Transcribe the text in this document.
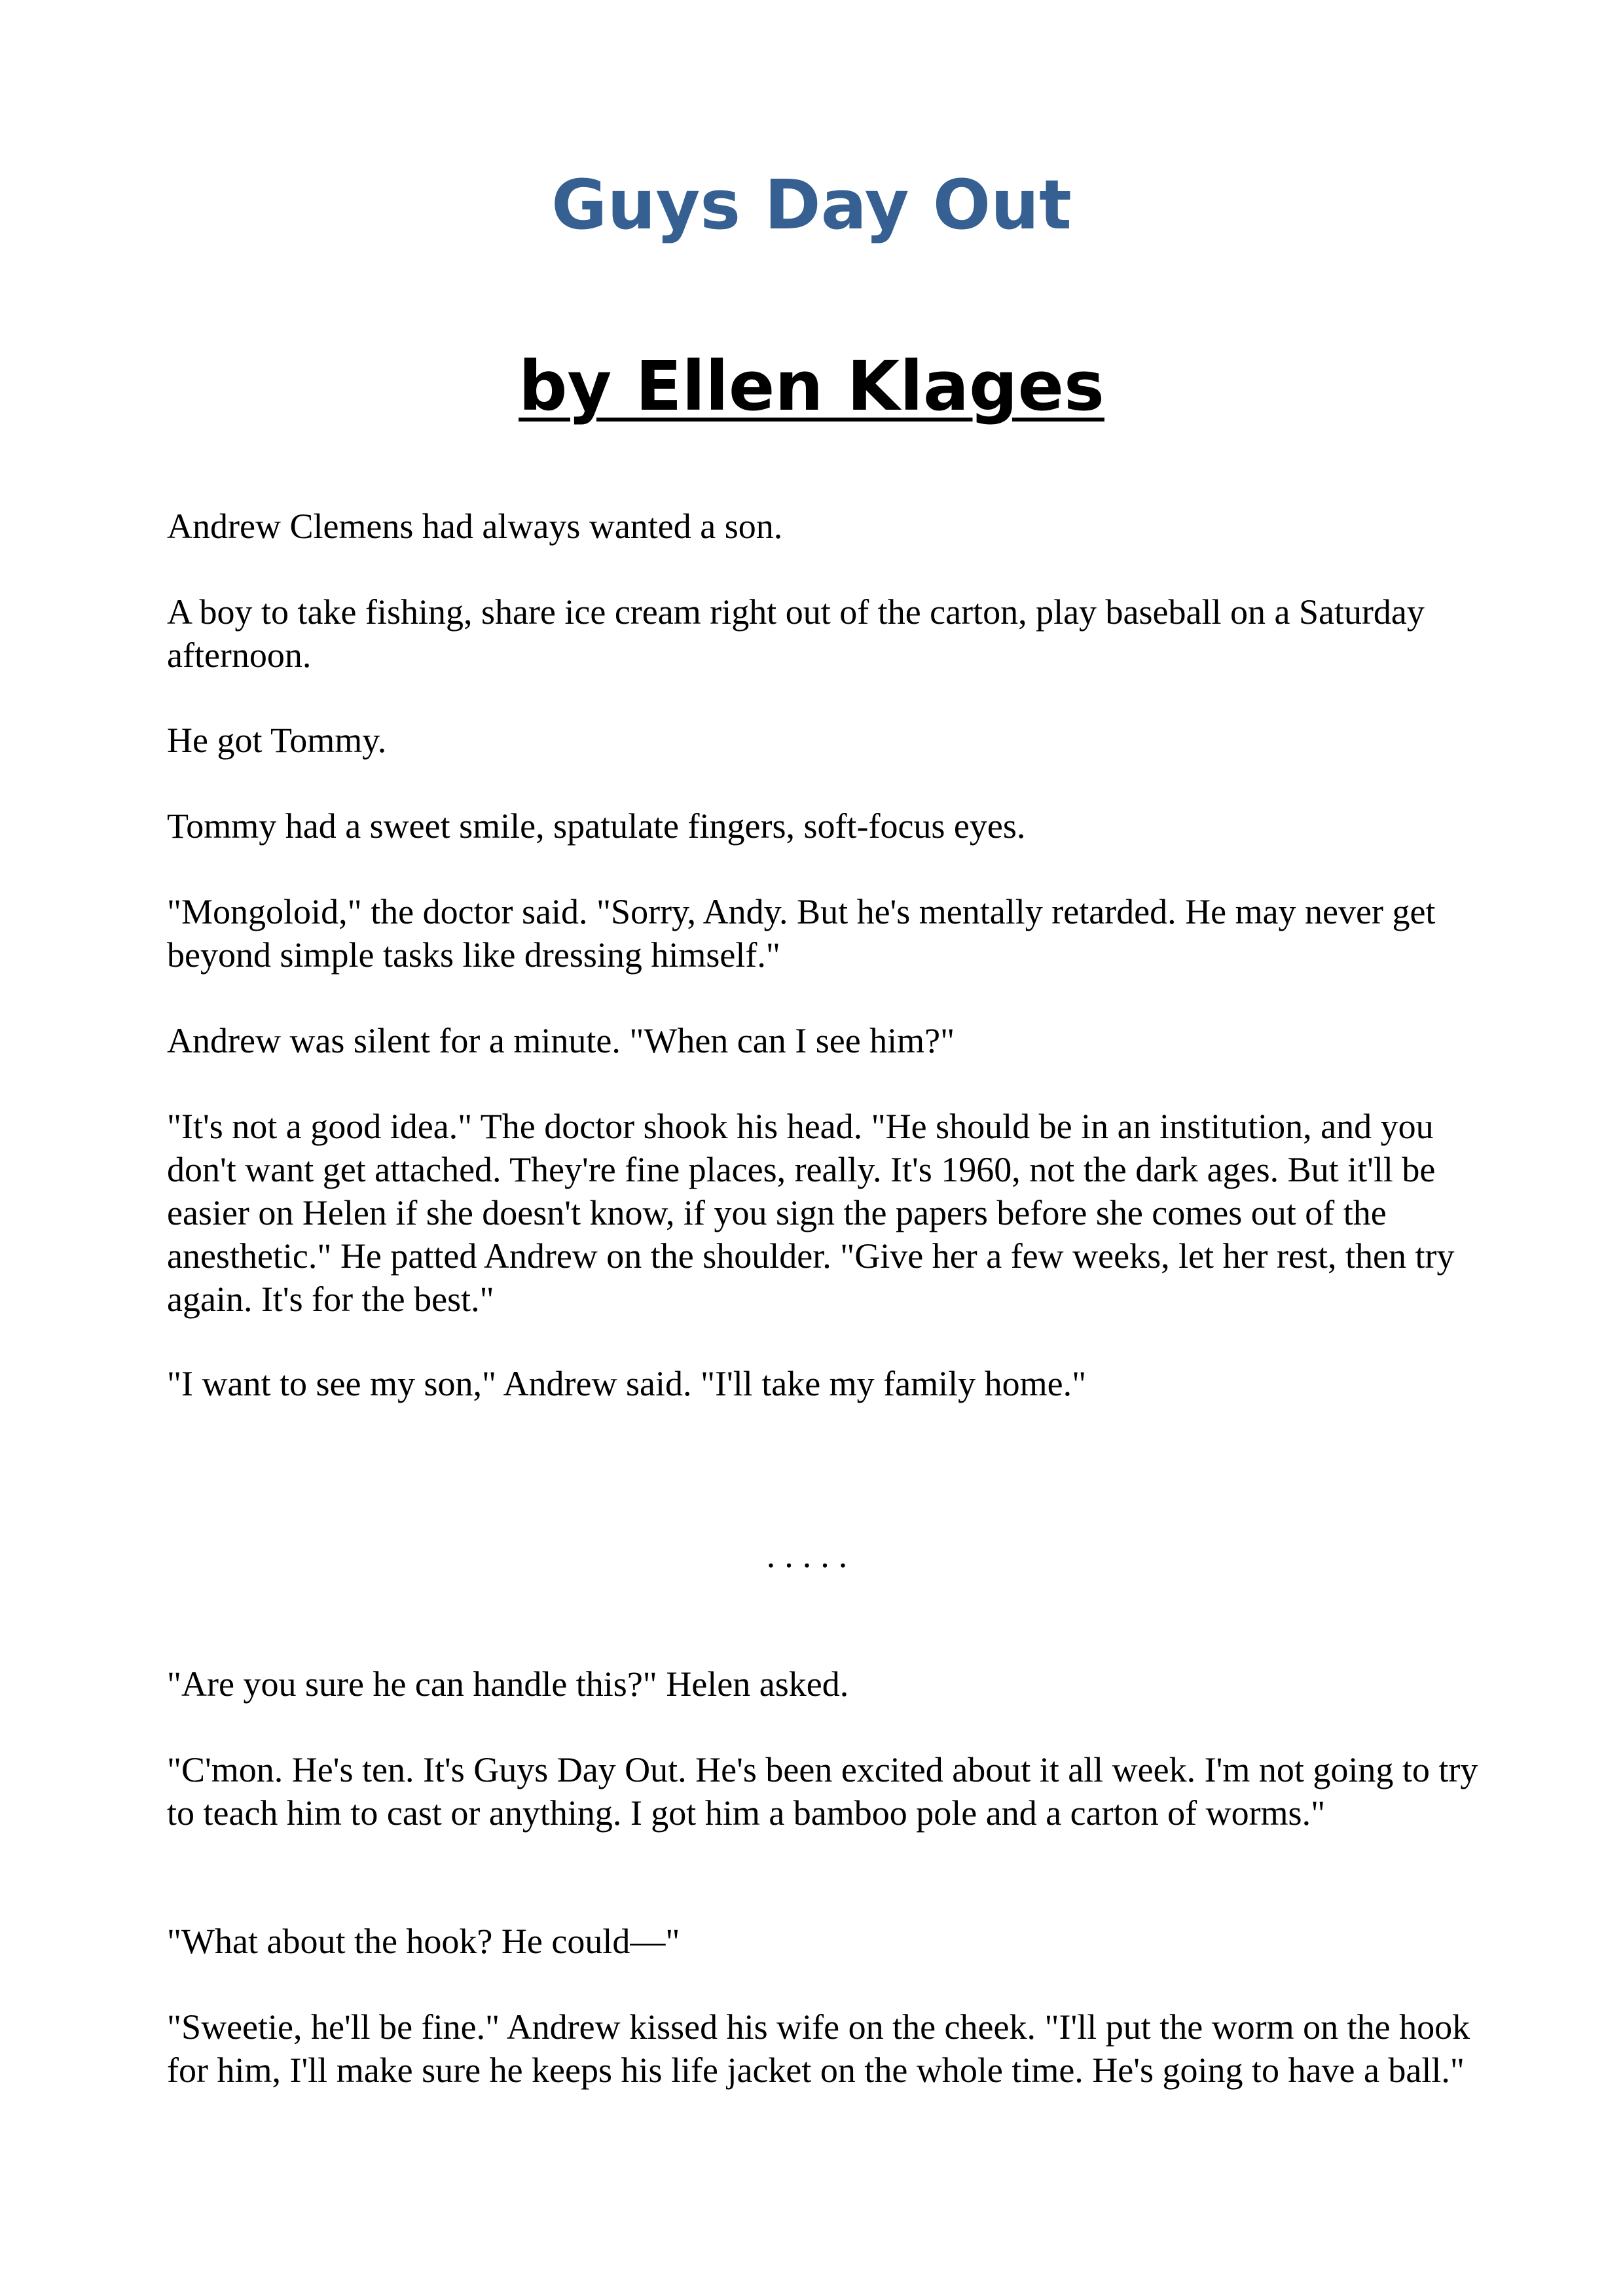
Guys Day Out
by Ellen Klages

Andrew Clemens had always wanted a son.

A boy to take fishing, share ice cream right out of the carton, play baseball on a Saturday afternoon.

He got Tommy.

Tommy had a sweet smile, spatulate fingers, soft-focus eyes.

"Mongoloid," the doctor said. "Sorry, Andy. But he's mentally retarded. He may never get beyond simple tasks like dressing himself."

Andrew was silent for a minute. "When can I see him?"

"It's not a good idea." The doctor shook his head. "He should be in an institution, and you don't want get attached. They're fine places, really. It's 1960, not the dark ages. But it'll be easier on Helen if she doesn't know, if you sign the papers before she comes out of the anesthetic." He patted Andrew on the shoulder. "Give her a few weeks, let her rest, then try again. It's for the best."

"I want to see my son," Andrew said. "I'll take my family home."

.....

"Are you sure he can handle this?" Helen asked.

"C'mon. He's ten. It's Guys Day Out. He's been excited about it all week. I'm not going to try to teach him to cast or anything. I got him a bamboo pole and a carton of worms."

"What about the hook? He could—"

"Sweetie, he'll be fine." Andrew kissed his wife on the cheek. "I'll put the worm on the hook for him, I'll make sure he keeps his life jacket on the whole time. He's going to have a ball."
